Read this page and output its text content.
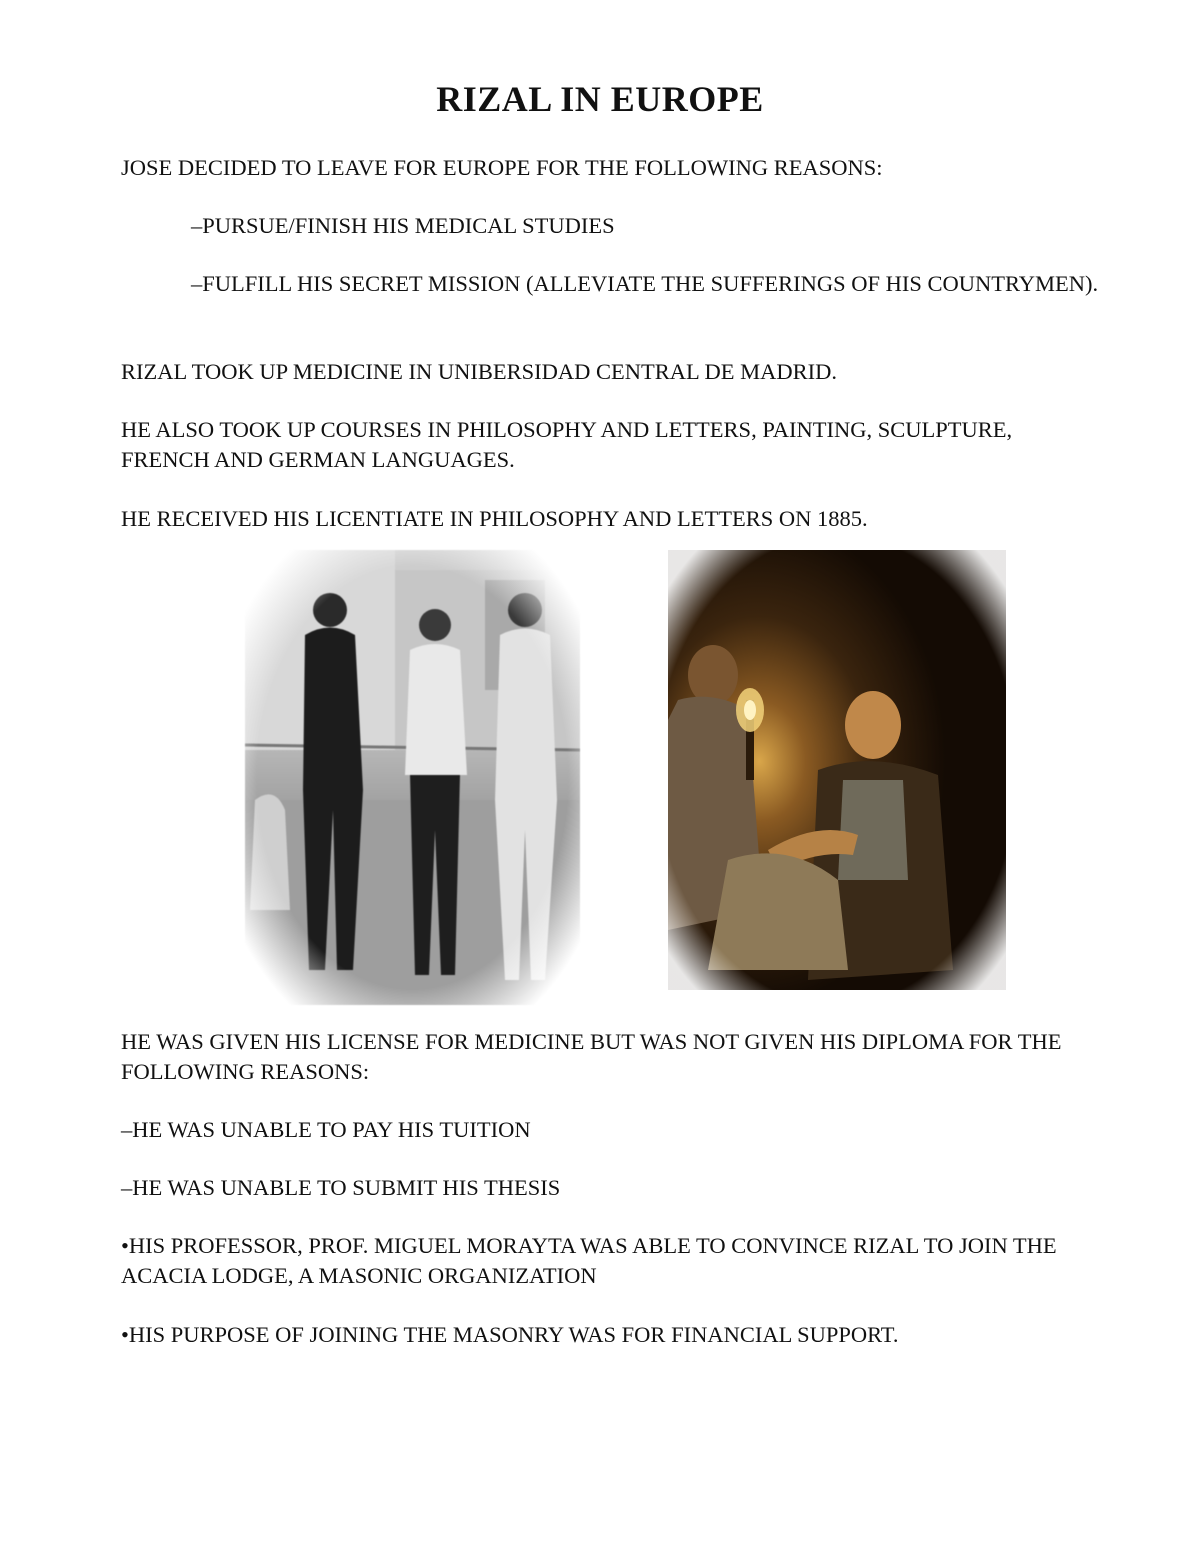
RIZAL IN EUROPE

JOSE DECIDED TO LEAVE FOR EUROPE FOR THE FOLLOWING REASONS:

–PURSUE/FINISH HIS MEDICAL STUDIES

–FULFILL HIS SECRET MISSION (ALLEVIATE THE SUFFERINGS OF HIS COUNTRYMEN).

RIZAL TOOK UP MEDICINE IN UNIBERSIDAD CENTRAL DE MADRID.

HE ALSO TOOK UP COURSES IN PHILOSOPHY AND LETTERS, PAINTING, SCULPTURE, FRENCH AND GERMAN LANGUAGES.

HE RECEIVED HIS LICENTIATE IN PHILOSOPHY AND LETTERS ON 1885.

HE WAS GIVEN HIS LICENSE FOR MEDICINE BUT WAS NOT GIVEN HIS DIPLOMA FOR THE FOLLOWING REASONS:

–HE WAS UNABLE TO PAY HIS TUITION

–HE WAS UNABLE TO SUBMIT HIS THESIS

•HIS PROFESSOR, PROF. MIGUEL MORAYTA WAS ABLE TO CONVINCE RIZAL TO JOIN THE ACACIA LODGE, A MASONIC ORGANIZATION

•HIS PURPOSE OF JOINING THE MASONRY WAS FOR FINANCIAL SUPPORT.
